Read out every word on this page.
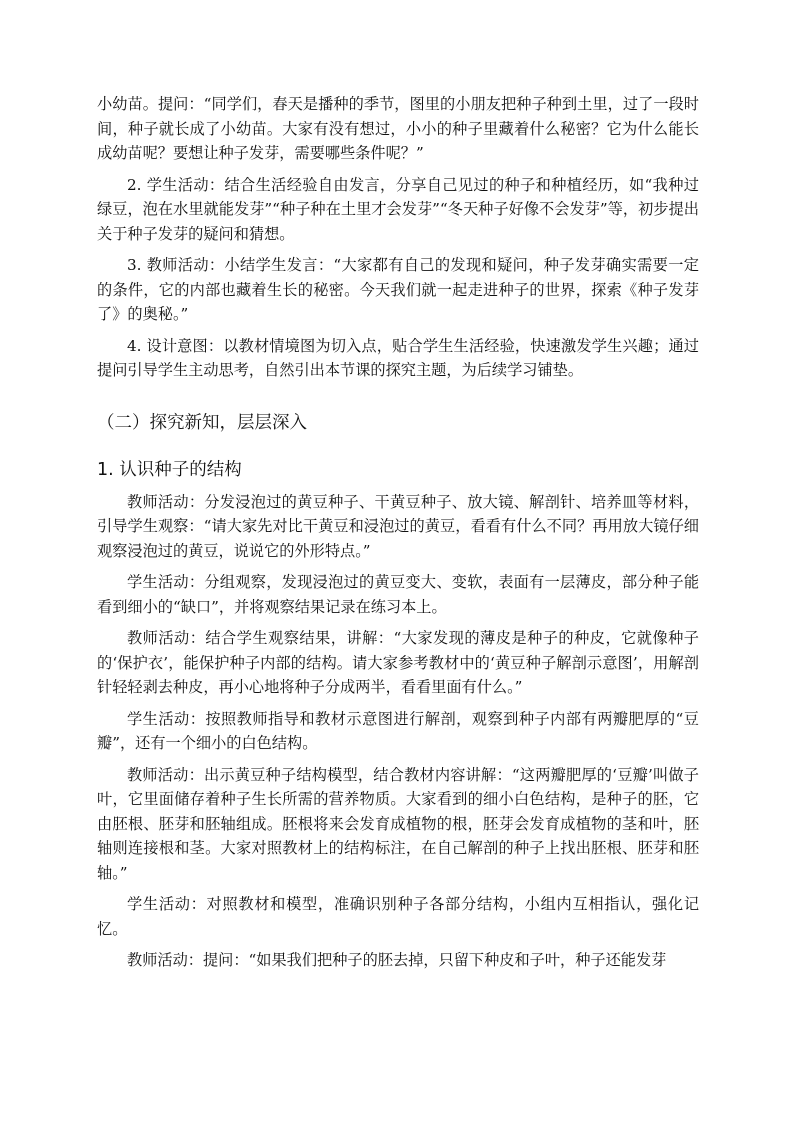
小幼苗。提问：“同学们，春天是播种的季节，图里的小朋友把种子种到土里，过了一段时间，种子就长成了小幼苗。大家有没有想过，小小的种子里藏着什么秘密？它为什么能长成幼苗呢？要想让种子发芽，需要哪些条件呢？”

2. 学生活动：结合生活经验自由发言，分享自己见过的种子和种植经历，如“我种过绿豆，泡在水里就能发芽”“种子种在土里才会发芽”“冬天种子好像不会发芽”等，初步提出关于种子发芽的疑问和猜想。

3. 教师活动：小结学生发言：“大家都有自己的发现和疑问，种子发芽确实需要一定的条件，它的内部也藏着生长的秘密。今天我们就一起走进种子的世界，探索《种子发芽了》的奥秘。”

4. 设计意图：以教材情境图为切入点，贴合学生生活经验，快速激发学生兴趣；通过提问引导学生主动思考，自然引出本节课的探究主题，为后续学习铺垫。

（二）探究新知，层层深入
1. 认识种子的结构

教师活动：分发浸泡过的黄豆种子、干黄豆种子、放大镜、解剖针、培养皿等材料，引导学生观察：“请大家先对比干黄豆和浸泡过的黄豆，看看有什么不同？再用放大镜仔细观察浸泡过的黄豆，说说它的外形特点。”

学生活动：分组观察，发现浸泡过的黄豆变大、变软，表面有一层薄皮，部分种子能看到细小的“缺口”，并将观察结果记录在练习本上。

教师活动：结合学生观察结果，讲解：“大家发现的薄皮是种子的种皮，它就像种子的‘保护衣’，能保护种子内部的结构。请大家参考教材中的‘黄豆种子解剖示意图’，用解剖针轻轻剥去种皮，再小心地将种子分成两半，看看里面有什么。”

学生活动：按照教师指导和教材示意图进行解剖，观察到种子内部有两瓣肥厚的“豆瓣”，还有一个细小的白色结构。

教师活动：出示黄豆种子结构模型，结合教材内容讲解：“这两瓣肥厚的‘豆瓣’叫做子叶，它里面储存着种子生长所需的营养物质。大家看到的细小白色结构，是种子的胚，它由胚根、胚芽和胚轴组成。胚根将来会发育成植物的根，胚芽会发育成植物的茎和叶，胚轴则连接根和茎。大家对照教材上的结构标注，在自己解剖的种子上找出胚根、胚芽和胚轴。”

学生活动：对照教材和模型，准确识别种子各部分结构，小组内互相指认，强化记忆。

教师活动：提问：“如果我们把种子的胚去掉，只留下种皮和子叶，种子还能发芽
